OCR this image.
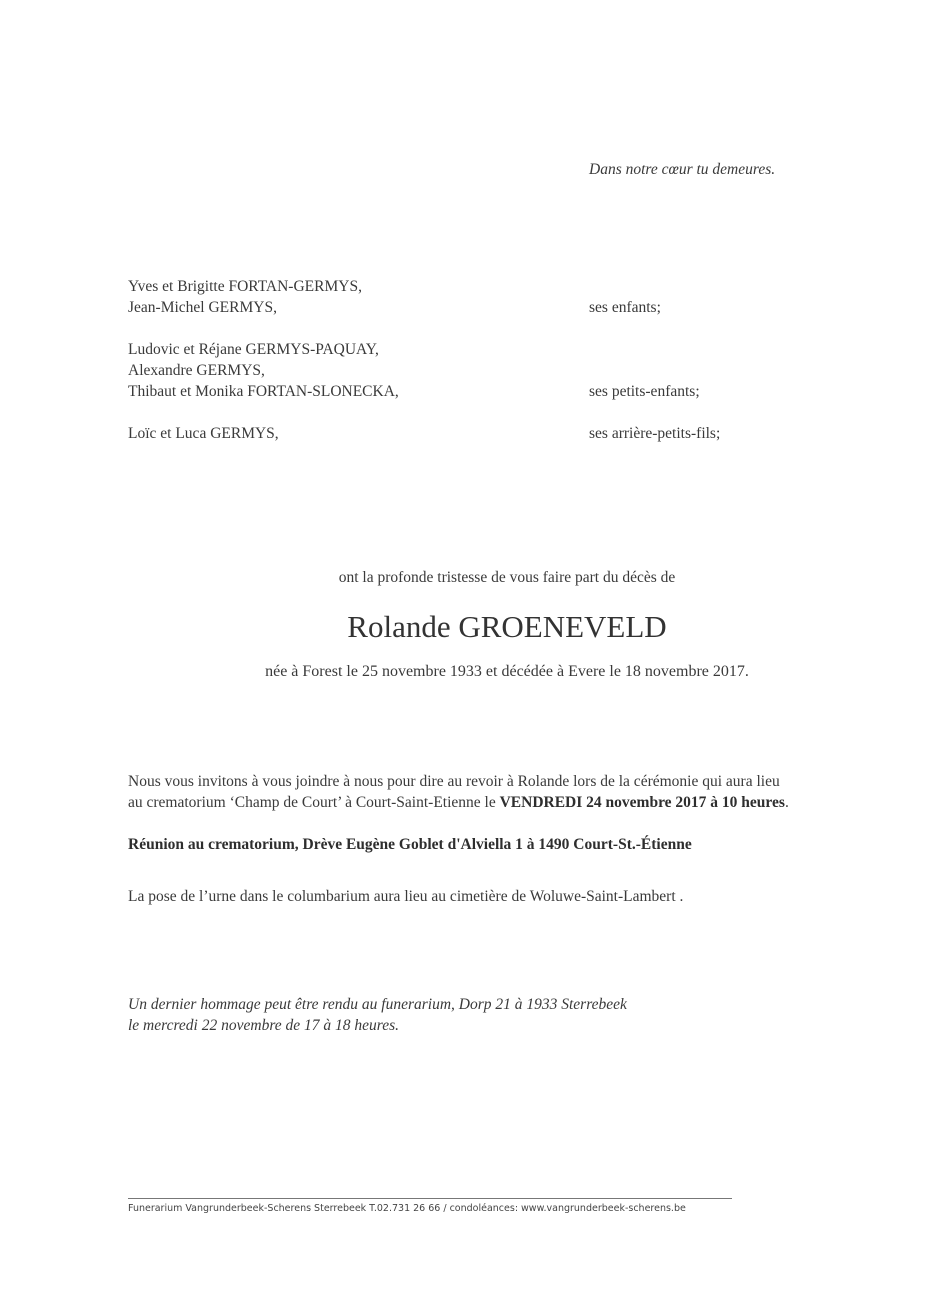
Dans notre cœur tu demeures.
Yves et Brigitte FORTAN-GERMYS,
Jean-Michel GERMYS,	ses enfants;
Ludovic et Réjane GERMYS-PAQUAY,
Alexandre GERMYS,
Thibaut et Monika FORTAN-SLONECKA,	ses petits-enfants;
Loïc et Luca GERMYS,	ses arrière-petits-fils;
ont la profonde tristesse de vous faire part du décès de
Rolande GROENEVELD
née à Forest le 25 novembre 1933 et décédée à Evere le 18 novembre 2017.
Nous vous invitons à vous joindre à nous pour dire au revoir à Rolande lors de la cérémonie qui aura lieu
au crematorium ‘Champ de Court’ à Court-Saint-Etienne le VENDREDI 24 novembre 2017 à 10 heures.
Réunion au crematorium, Drève Eugène Goblet d'Alviella 1 à 1490 Court-St.-Étienne
La pose de l’urne dans le columbarium aura lieu au cimetière de Woluwe-Saint-Lambert .
Un dernier hommage peut être rendu au funerarium, Dorp 21 à 1933 Sterrebeek
le mercredi 22 novembre de 17 à 18 heures.
Funerarium Vangrunderbeek-Scherens Sterrebeek T.02.731 26 66 / condoléances: www.vangrunderbeek-scherens.be
